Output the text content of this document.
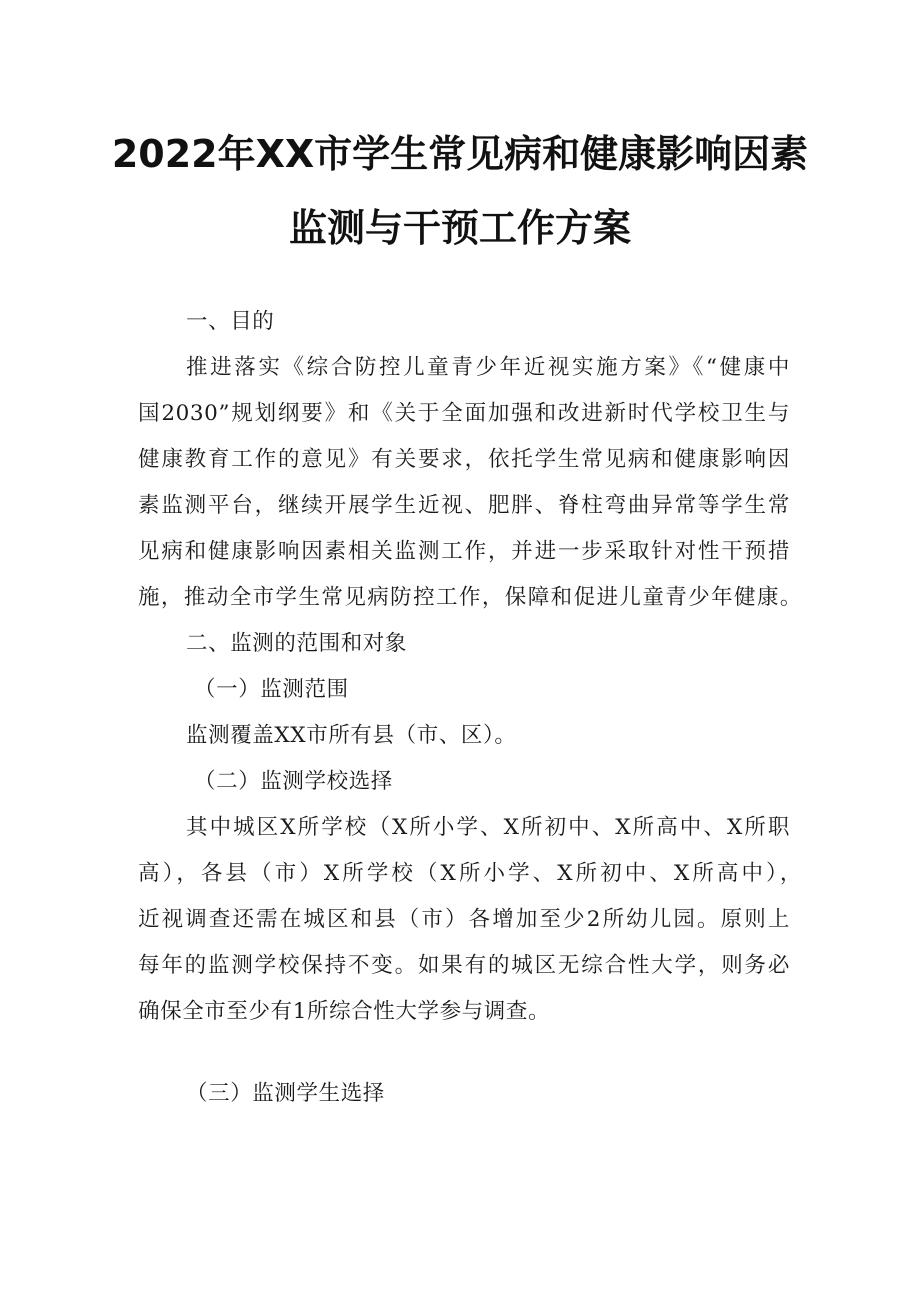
2022年XX市学生常见病和健康影响因素
监测与干预工作方案
一、目的
推进落实《综合防控儿童青少年近视实施方案》《“健康中
国2030”规划纲要》和《关于全面加强和改进新时代学校卫生与
健康教育工作的意见》有关要求，依托学生常见病和健康影响因
素监测平台，继续开展学生近视、肥胖、脊柱弯曲异常等学生常
见病和健康影响因素相关监测工作，并进一步采取针对性干预措
施，推动全市学生常见病防控工作，保障和促进儿童青少年健康。
二、监测的范围和对象
（一）监测范围
监测覆盖XX市所有县（市、区）。
（二）监测学校选择
其中城区X所学校（X所小学、X所初中、X所高中、X所职
高），各县（市）X所学校（X所小学、X所初中、X所高中），
近视调查还需在城区和县（市）各增加至少2所幼儿园。原则上
每年的监测学校保持不变。如果有的城区无综合性大学，则务必
确保全市至少有1所综合性大学参与调查。
（三）监测学生选择
